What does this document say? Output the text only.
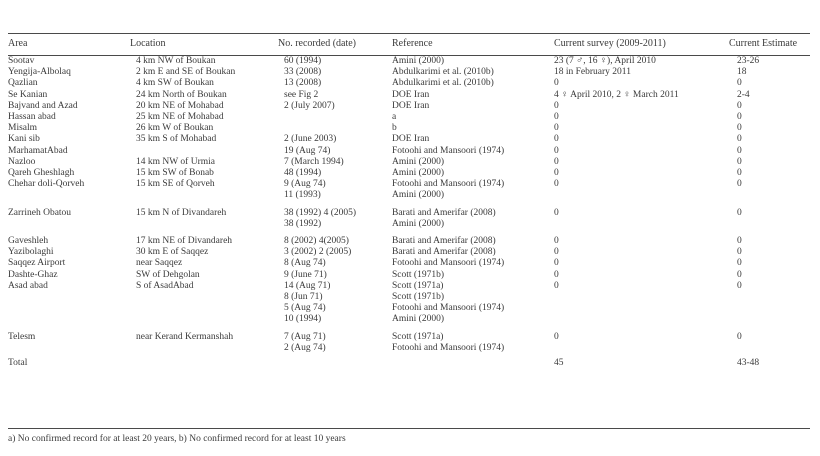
Area	Location	No. recorded (date)	Reference	Current survey (2009-2011)	Current Estimate
Sootav	4 km NW of Boukan	60 (1994)	Amini (2000)	23 (7 ♂, 16 ♀), April 2010	23-26
Yengija-Albolaq	2 km E and SE of Boukan	33 (2008)	Abdulkarimi et al. (2010b)	18 in February 2011	18
Qazlian	4 km SW of Boukan	13 (2008)	Abdulkarimi et al. (2010b)	0	0
Se Kanian	24 km North of Boukan	see Fig 2	DOE Iran	4 ♀ April 2010, 2 ♀ March 2011	2-4
Bajvand and Azad	20 km NE of Mohabad	2 (July 2007)	DOE Iran	0	0
Hassan abad	25 km NE of Mohabad		a	0	0
Misalm	26 km W of Boukan		b	0	0
Kani sib	35 km S of Mohabad	2 (June 2003)	DOE Iran	0	0
MarhamatAbad		19 (Aug 74)	Fotoohi and Mansoori (1974)	0	0
Nazloo	14 km NW of Urmia	7 (March 1994)	Amini (2000)	0	0
Qareh Gheshlagh	15 km SW of Bonab	48 (1994)	Amini (2000)	0	0
Chehar doli-Qorveh	15 km SE of Qorveh	9 (Aug 74)	Fotoohi and Mansoori (1974)	0	0
		11 (1993)	Amini (2000)		

Zarrineh Obatou	15 km N of Divandareh	38 (1992) 4 (2005)	Barati and Amerifar (2008)	0	0
		38 (1992)	Amini (2000)		

Gaveshleh	17 km NE of Divandareh	8 (2002) 4(2005)	Barati and Amerifar (2008)	0	0
Yazibolaghi	30 km E of Saqqez	3 (2002) 2 (2005)	Barati and Amerifar (2008)	0	0
Saqqez Airport	near Saqqez	8 (Aug 74)	Fotoohi and Mansoori (1974)	0	0
Dashte-Ghaz	SW of Dehgolan	9 (June 71)	Scott (1971b)	0	0
Asad abad	S of AsadAbad	14 (Aug 71)	Scott (1971a)	0	0
		8 (Jun 71)	Scott (1971b)		
		5 (Aug 74)	Fotoohi and Mansoori (1974)		
		10 (1994)	Amini (2000)		

Telesm	near Kerand Kermanshah	7 (Aug 71)	Scott (1971a)	0	0
		2 (Aug 74)	Fotoohi and Mansoori (1974)		
Total				45	43-48
a) No confirmed record for at least 20 years, b) No confirmed record for at least 10 years
